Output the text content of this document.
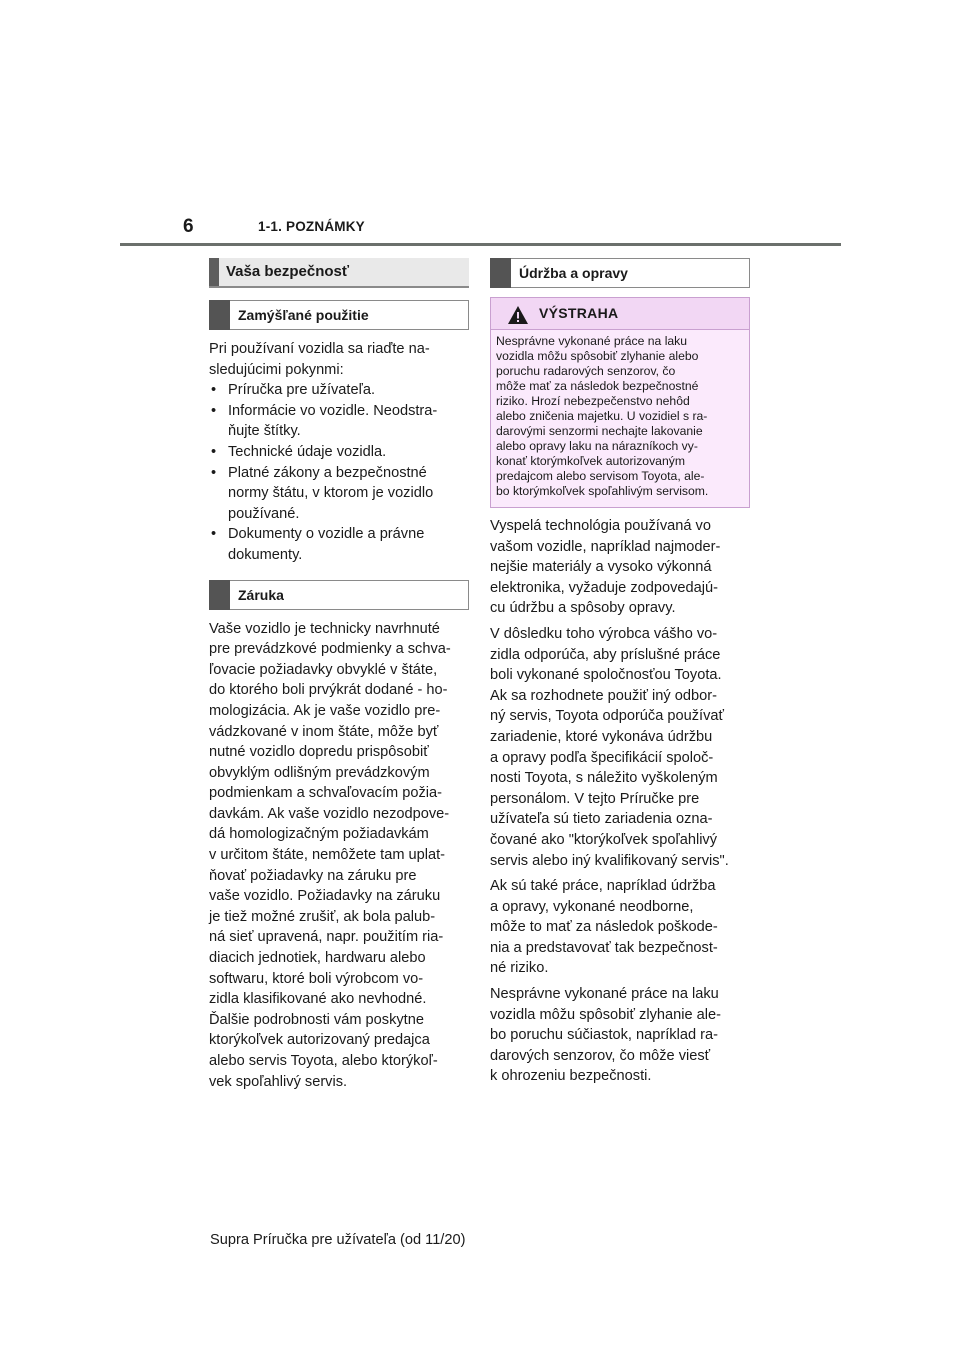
6	1-1. POZNÁMKY
Vaša bezpečnosť
Zamýšľané použitie

Pri používaní vozidla sa riaďte na-
sledujúcimi pokynmi:

• Príručka pre užívateľa.
• Informácie vo vozidle. Neodstra-
ňujte štítky.
• Technické údaje vozidla.
• Platné zákony a bezpečnostné
normy štátu, v ktorom je vozidlo
používané.
• Dokumenty o vozidle a právne
dokumenty.
Záruka

Vaše vozidlo je technicky navrhnuté
pre prevádzkové podmienky a schva-
ľovacie požiadavky obvyklé v štáte,
do ktorého boli prvýkrát dodané - ho-
mologizácia. Ak je vaše vozidlo pre-
vádzkované v inom štáte, môže byť
nutné vozidlo dopredu prispôsobiť
obvyklým odlišným prevádzkovým
podmienkam a schvaľovacím požia-
davkám. Ak vaše vozidlo nezodpove-
dá homologizačným požiadavkám
v určitom štáte, nemôžete tam uplat-
ňovať požiadavky na záruku pre
vaše vozidlo. Požiadavky na záruku
je tiež možné zrušiť, ak bola palub-
ná sieť upravená, napr. použitím ria-
diacich jednotiek, hardwaru alebo
softwaru, ktoré boli výrobcom vo-
zidla klasifikované ako nevhodné.
Ďalšie podrobnosti vám poskytne
ktorýkoľvek autorizovaný predajca
alebo servis Toyota, alebo ktorýkoľ-
vek spoľahlivý servis.

Údržba a opravy
VÝSTRAHA
Nesprávne vykonané práce na laku
vozidla môžu spôsobiť zlyhanie alebo
poruchu radarových senzorov, čo
môže mať za následok bezpečnostné
riziko. Hrozí nebezpečenstvo nehôd
alebo zničenia majetku. U vozidiel s ra-
darovými senzormi nechajte lakovanie
alebo opravy laku na nárazníkoch vy-
konať ktorýmkoľvek autorizovaným
predajcom alebo servisom Toyota, ale-
bo ktorýmkoľvek spoľahlivým servisom.

Vyspelá technológia používaná vo
vašom vozidle, napríklad najmoder-
nejšie materiály a vysoko výkonná
elektronika, vyžaduje zodpovedajú-
cu údržbu a spôsoby opravy.

V dôsledku toho výrobca vášho vo-
zidla odporúča, aby príslušné práce
boli vykonané spoločnosťou Toyota.
Ak sa rozhodnete použiť iný odbor-
ný servis, Toyota odporúča používať
zariadenie, ktoré vykonáva údržbu
a opravy podľa špecifikácií spoloč-
nosti Toyota, s náležito vyškoleným
personálom. V tejto Príručke pre
užívateľa sú tieto zariadenia ozna-
čované ako "ktorýkoľvek spoľahlivý
servis alebo iný kvalifikovaný servis".

Ak sú také práce, napríklad údržba
a opravy, vykonané neodborne,
môže to mať za následok poškode-
nia a predstavovať tak bezpečnost-
né riziko.

Nesprávne vykonané práce na laku
vozidla môžu spôsobiť zlyhanie ale-
bo poruchu súčiastok, napríklad ra-
darových senzorov, čo môže viesť
k ohrozeniu bezpečnosti.

Supra Príručka pre užívateľa (od 11/20)
